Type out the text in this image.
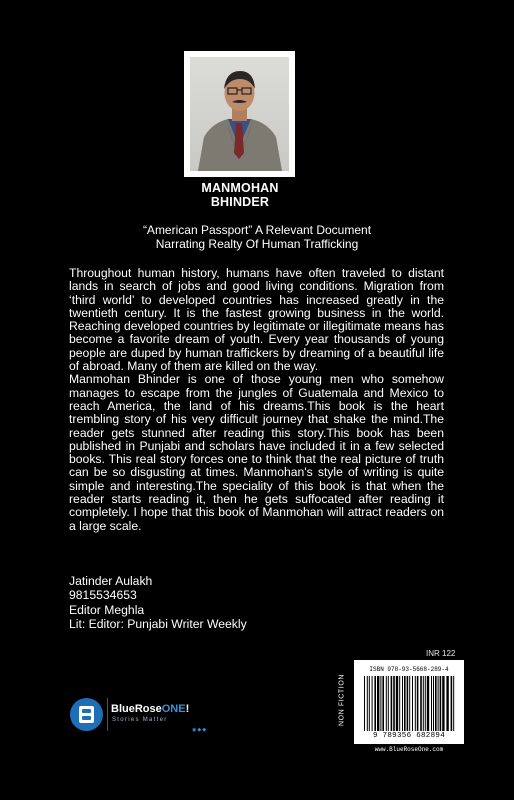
MANMOHAN
BHINDER
“American Passport” A Relevant Document
Narrating Realty Of Human Trafficking

Throughout human history, humans have often traveled to distant lands in search of jobs and good living conditions. Migration from ‘third world’ to developed countries has increased greatly in the twentieth century. It is the fastest growing business in the world. Reaching developed countries by legitimate or illegitimate means has become a favorite dream of youth. Every year thousands of young people are duped by human traffickers by dreaming of a beautiful life of abroad. Many of them are killed on the way.

Manmohan Bhinder is one of those young men who somehow manages to escape from the jungles of Guatemala and Mexico to reach America, the land of his dreams.This book is the heart trembling story of his very difficult journey that shake the mind.The reader gets stunned after reading this story.This book has been published in Punjabi and scholars have included it in a few selected books. This real story forces one to think that the real picture of truth can be so disgusting at times. Manmohan's style of writing is quite simple and interesting.The speciality of this book is that when the reader starts reading it, then he gets suffocated after reading it completely. I hope that this book of Manmohan will attract readers on a large scale.

Jatinder Aulakh
9815534653
Editor Meghla
Lit: Editor: Punjabi Writer Weekly
BlueRoseONE!
Stories Matter
◉◆◆
INR 122
NON FICTION
ISBN 978-93-5668-289-4
9 789356 682894
www.BlueRoseOne.com
